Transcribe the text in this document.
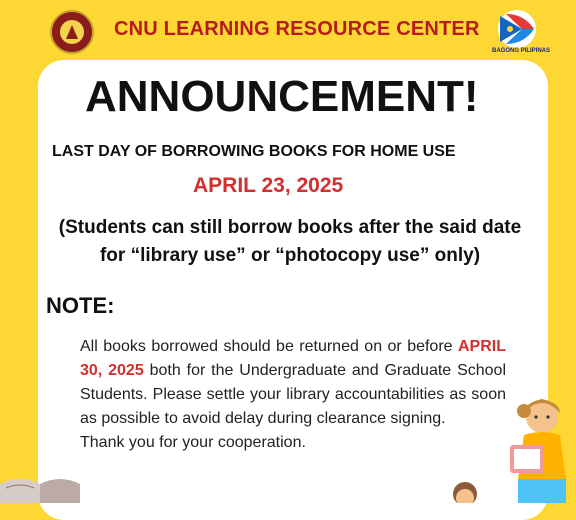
CNU LEARNING RESOURCE CENTER
BAGONG PILIPINAS
ANNOUNCEMENT!
LAST DAY OF BORROWING BOOKS FOR HOME USE
APRIL 23, 2025
(Students can still borrow books after the said date for “library use” or “photocopy use” only)
NOTE:

All books borrowed should be returned on or before APRIL 30, 2025 both for the Undergraduate and Graduate School Students. Please settle your library accountabilities as soon as possible to avoid delay during clearance signing.

Thank you for your cooperation.
